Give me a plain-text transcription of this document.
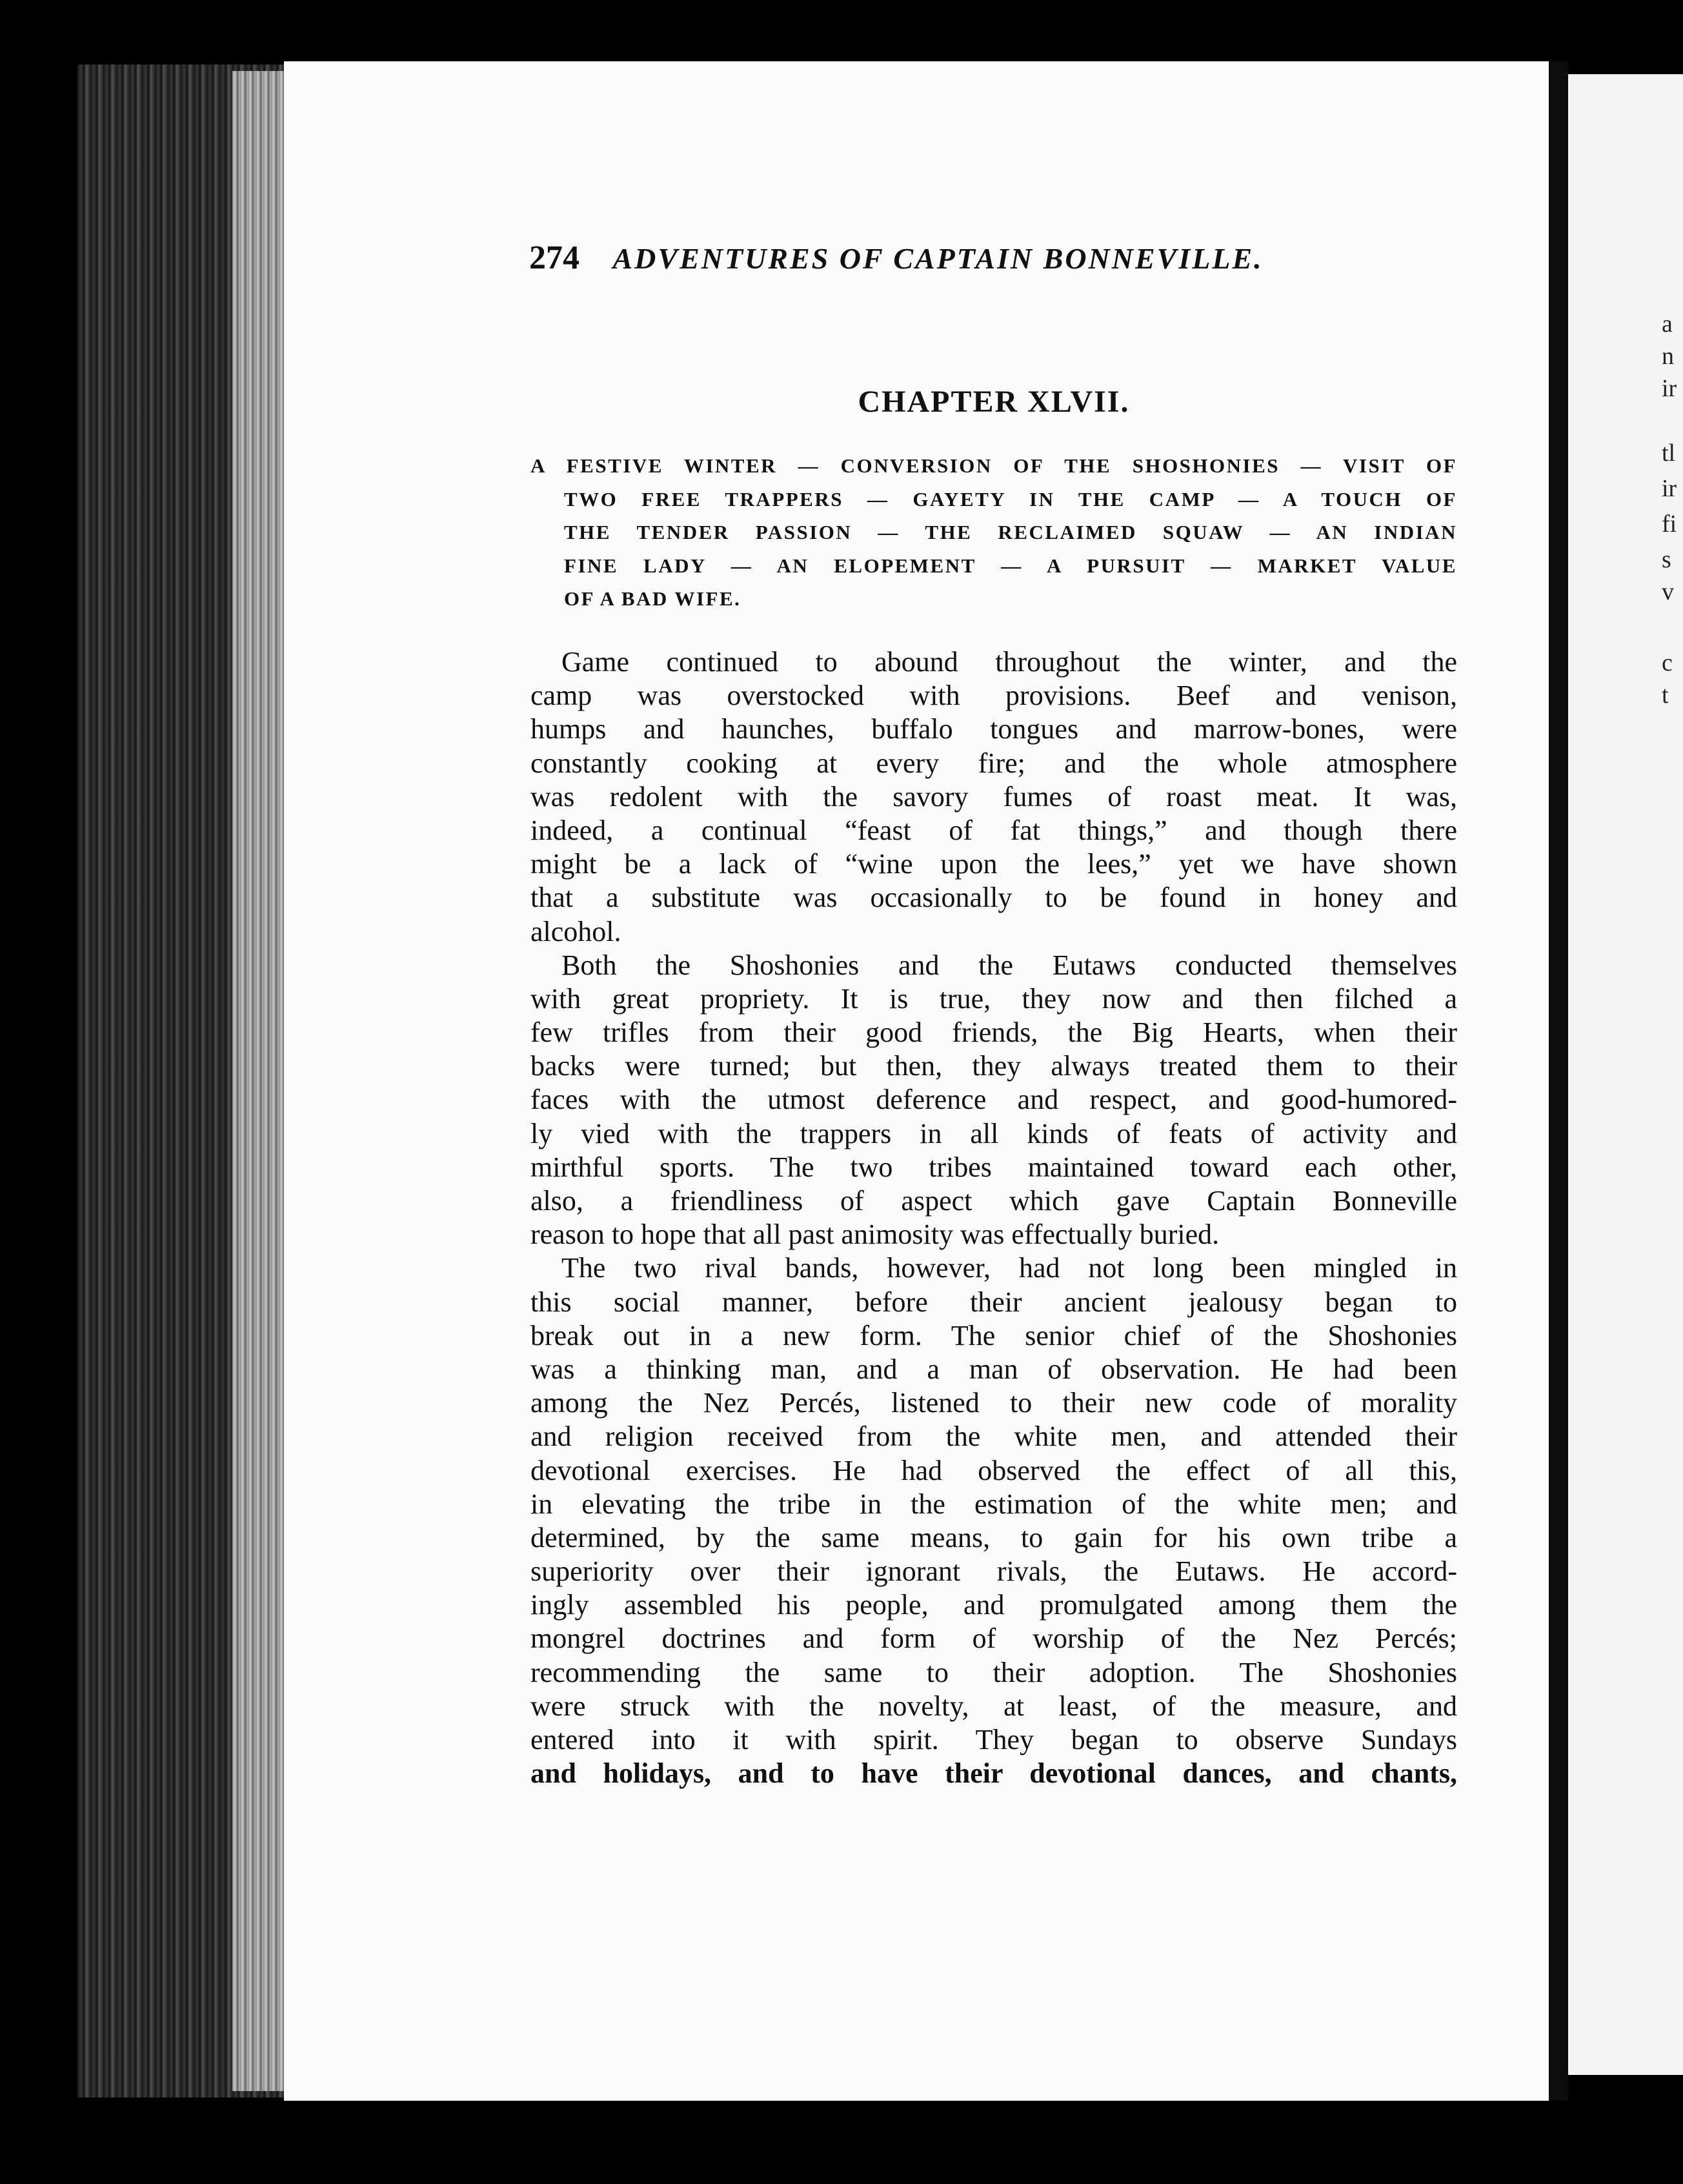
a
n
ir
tl
ir
fi
s
v
c
t
274 ADVENTURES OF CAPTAIN BONNEVILLE.
CHAPTER XLVII.
A FESTIVE WINTER — CONVERSION OF THE SHOSHONIES — VISIT OF
TWO FREE TRAPPERS — GAYETY IN THE CAMP — A TOUCH OF
THE TENDER PASSION — THE RECLAIMED SQUAW — AN INDIAN
FINE LADY — AN ELOPEMENT — A PURSUIT — MARKET VALUE
OF A BAD WIFE.
Game continued to abound throughout the winter, and the
camp was overstocked with provisions. Beef and venison,
humps and haunches, buffalo tongues and marrow-bones, were
constantly cooking at every fire; and the whole atmosphere
was redolent with the savory fumes of roast meat. It was,
indeed, a continual “feast of fat things,” and though there
might be a lack of “wine upon the lees,” yet we have shown
that a substitute was occasionally to be found in honey and
alcohol.
Both the Shoshonies and the Eutaws conducted themselves
with great propriety. It is true, they now and then filched a
few trifles from their good friends, the Big Hearts, when their
backs were turned; but then, they always treated them to their
faces with the utmost deference and respect, and good-humored-
ly vied with the trappers in all kinds of feats of activity and
mirthful sports. The two tribes maintained toward each other,
also, a friendliness of aspect which gave Captain Bonneville
reason to hope that all past animosity was effectually buried.
The two rival bands, however, had not long been mingled in
this social manner, before their ancient jealousy began to
break out in a new form. The senior chief of the Shoshonies
was a thinking man, and a man of observation. He had been
among the Nez Percés, listened to their new code of morality
and religion received from the white men, and attended their
devotional exercises. He had observed the effect of all this,
in elevating the tribe in the estimation of the white men; and
determined, by the same means, to gain for his own tribe a
superiority over their ignorant rivals, the Eutaws. He accord-
ingly assembled his people, and promulgated among them the
mongrel doctrines and form of worship of the Nez Percés;
recommending the same to their adoption. The Shoshonies
were struck with the novelty, at least, of the measure, and
entered into it with spirit. They began to observe Sundays
and holidays, and to have their devotional dances, and chants,
